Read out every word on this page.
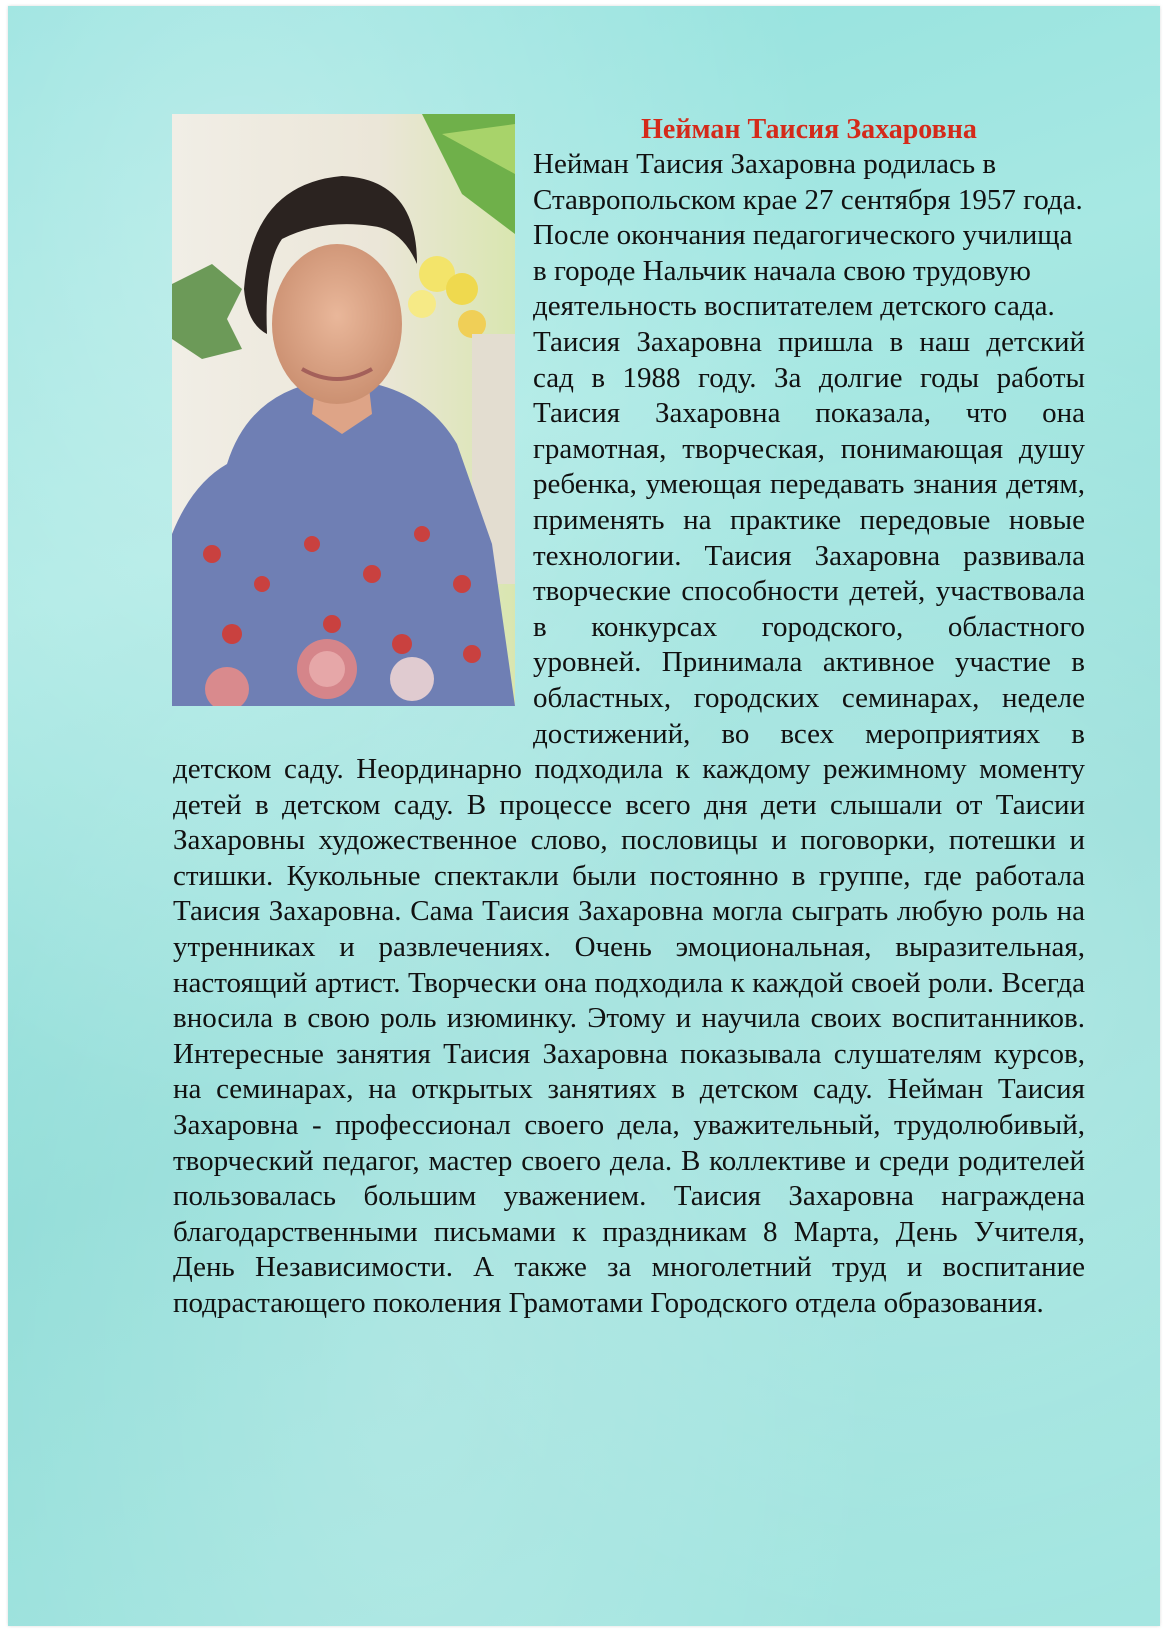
Нейман Таисия Захаровна

Нейман Таисия Захаровна родилась в Ставропольском крае 27 сентября 1957 года.

После окончания педагогического училища в городе Нальчик начала свою трудовую деятельность воспитателем детского сада.

Таисия Захаровна пришла в наш детский сад в 1988 году. За долгие годы работы Таисия Захаровна показала, что она грамотная, творческая, понимающая душу ребенка, умеющая передавать знания детям, применять на практике передовые новые технологии. Таисия Захаровна развивала творческие способности детей, участвовала в конкурсах городского, областного уровней. Принимала активное участие в областных, городских семинарах, неделе достижений, во всех мероприятиях в детском саду. Неординарно подходила к каждому режимному моменту детей в детском саду. В процессе всего дня дети слышали от Таисии Захаровны художественное слово, пословицы и поговорки, потешки и стишки. Кукольные спектакли были постоянно в группе, где работала Таисия Захаровна. Сама Таисия Захаровна могла сыграть любую роль на утренниках и развлечениях. Очень эмоциональная, выразительная, настоящий артист. Творчески она подходила к каждой своей роли. Всегда вносила в свою роль изюминку. Этому и научила своих воспитанников. Интересные занятия Таисия Захаровна показывала слушателям курсов, на семинарах, на открытых занятиях в детском саду. Нейман Таисия Захаровна - профессионал своего дела, уважительный, трудолюбивый, творческий педагог, мастер своего дела. В коллективе и среди родителей пользовалась большим уважением. Таисия Захаровна награждена благодарственными письмами к праздникам 8 Марта, День Учителя, День Независимости. А также за многолетний труд и воспитание подрастающего поколения Грамотами Городского отдела образования.
